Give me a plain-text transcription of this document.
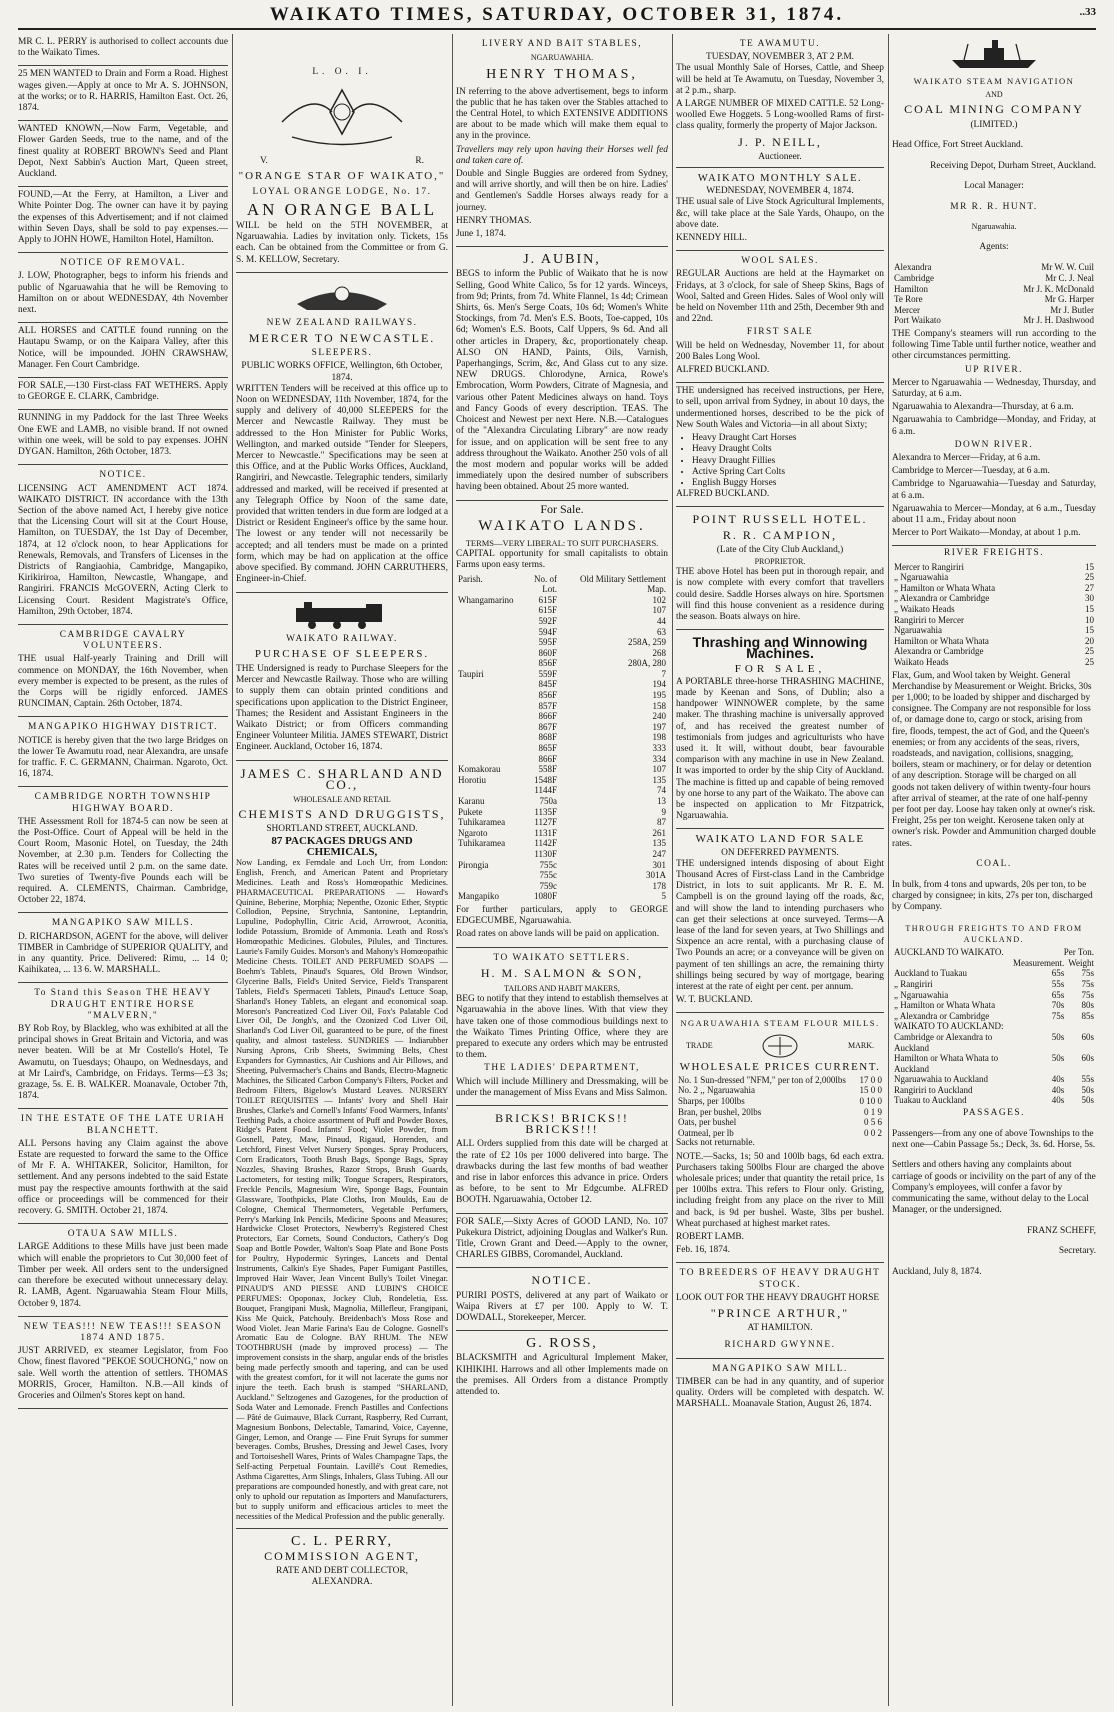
WAIKATO TIMES, SATURDAY, OCTOBER 31, 1874.	..33

MR C. L. PERRY is authorised to collect accounts due to the Waikato Times.

25 MEN WANTED to Drain and Form a Road. Highest wages given.—Apply at once to Mr A. S. JOHNSON, at the works; or to R. HARRIS, Hamilton East. Oct. 26, 1874.

WANTED KNOWN,—Now Farm, Vegetable, and Flower Garden Seeds, true to the name, and of the finest quality at ROBERT BROWN's Seed and Plant Depot, Next Sabbin's Auction Mart, Queen street, Auckland.

FOUND,—At the Ferry, at Hamilton, a Liver and White Pointer Dog. The owner can have it by paying the expenses of this Advertisement; and if not claimed within Seven Days, shall be sold to pay expenses.—Apply to JOHN HOWE, Hamilton Hotel, Hamilton.

NOTICE OF REMOVAL.

J. LOW, Photographer, begs to inform his friends and public of Ngaruawahia that he will be Removing to Hamilton on or about WEDNESDAY, 4th November next.

ALL HORSES and CATTLE found running on the Hautapu Swamp, or on the Kaipara Valley, after this Notice, will be impounded. JOHN CRAWSHAW, Manager. Fen Court Cambridge.

FOR SALE,—130 First-class FAT WETHERS. Apply to GEORGE E. CLARK, Cambridge.

RUNNING in my Paddock for the last Three Weeks One EWE and LAMB, no visible brand. If not owned within one week, will be sold to pay expenses. JOHN DYGAN. Hamilton, 26th October, 1873.

NOTICE.

LICENSING ACT AMENDMENT ACT 1874. WAIKATO DISTRICT. IN accordance with the 13th Section of the above named Act, I hereby give notice that the Licensing Court will sit at the Court House, Hamilton, on TUESDAY, the 1st Day of December, 1874, at 12 o'clock noon, to hear Applications for Renewals, Removals, and Transfers of Licenses in the Districts of Rangiaohia, Cambridge, Mangapiko, Kirikiriroa, Hamilton, Newcastle, Whangape, and Rangiriri. FRANCIS McGOVERN, Acting Clerk to Licensing Court. Resident Magistrate's Office, Hamilton, 29th October, 1874.

CAMBRIDGE CAVALRY VOLUNTEERS.

THE usual Half-yearly Training and Drill will commence on MONDAY, the 16th November, when every member is expected to be present, as the rules of the Corps will be rigidly enforced. JAMES RUNCIMAN, Captain. 26th October, 1874.

MANGAPIKO HIGHWAY DISTRICT.

NOTICE is hereby given that the two large Bridges on the lower Te Awamutu road, near Alexandra, are unsafe for traffic. F. C. GERMANN, Chairman. Ngaroto, Oct. 16, 1874.

CAMBRIDGE NORTH TOWNSHIP HIGHWAY BOARD.

THE Assessment Roll for 1874-5 can now be seen at the Post-Office. Court of Appeal will be held in the Court Room, Masonic Hotel, on Tuesday, the 24th November, at 2.30 p.m. Tenders for Collecting the Rates will be received until 2 p.m. on the same date. Two sureties of Twenty-five Pounds each will be required. A. CLEMENTS, Chairman. Cambridge, October 22, 1874.

MANGAPIKO SAW MILLS.

D. RICHARDSON, AGENT for the above, will deliver TIMBER in Cambridge of SUPERIOR QUALITY, and in any quantity. Price. Delivered: Rimu, ... 14 0; Kaihikatea, ... 13 6. W. MARSHALL.

To Stand this Season THE HEAVY DRAUGHT ENTIRE HORSE "MALVERN,"

BY Rob Roy, by Blackleg, who was exhibited at all the principal shows in Great Britain and Victoria, and was never beaten. Will be at Mr Costello's Hotel, Te Awamutu, on Tuesdays; Ohaupo, on Wednesdays, and at Mr Laird's, Cambridge, on Fridays. Terms—£3 3s; grazage, 5s. E. B. WALKER. Moanavale, October 7th, 1874.

IN THE ESTATE OF THE LATE URIAH BLANCHETT.

ALL Persons having any Claim against the above Estate are requested to forward the same to the Office of Mr F. A. WHITAKER, Solicitor, Hamilton, for settlement. And any persons indebted to the said Estate must pay the respective amounts forthwith at the said office or proceedings will be commenced for their recovery. G. SMITH. October 21, 1874.

OTAUA SAW MILLS.

LARGE Additions to these Mills have just been made which will enable the proprietors to Cut 30,000 feet of Timber per week. All orders sent to the undersigned can therefore be executed without unnecessary delay. R. LAMB, Agent. Ngaruawahia Steam Flour Mills, October 9, 1874.

NEW TEAS!!! NEW TEAS!!! SEASON 1874 AND 1875.

JUST ARRIVED, ex steamer Legislator, from Foo Chow, finest flavored "PEKOE SOUCHONG," now on sale. Well worth the attention of settlers. THOMAS MORRIS, Grocer, Hamilton. N.B.—All kinds of Groceries and Oilmen's Stores kept on hand.

L. O. I.
V.	R.
"ORANGE STAR OF WAIKATO,"
LOYAL ORANGE LODGE, No. 17.
AN ORANGE BALL

WILL be held on the 5TH NOVEMBER, at Ngaruawahia. Ladies by invitation only. Tickets, 15s each. Can be obtained from the Committee or from G. S. M. KELLOW, Secretary.

NEW ZEALAND RAILWAYS.
MERCER TO NEWCASTLE.
SLEEPERS.
PUBLIC WORKS OFFICE, Wellington, 6th October, 1874.

WRITTEN Tenders will be received at this office up to Noon on WEDNESDAY, 11th November, 1874, for the supply and delivery of 40,000 SLEEPERS for the Mercer and Newcastle Railway. They must be addressed to the Hon Minister for Public Works, Wellington, and marked outside "Tender for Sleepers, Mercer to Newcastle." Specifications may be seen at this Office, and at the Public Works Offices, Auckland, Rangiriri, and Newcastle. Telegraphic tenders, similarly addressed and marked, will be received if presented at any Telegraph Office by Noon of the same date, provided that written tenders in due form are lodged at a District or Resident Engineer's office by the same hour. The lowest or any tender will not necessarily be accepted; and all tenders must be made on a printed form, which may be had on application at the office above specified. By command. JOHN CARRUTHERS, Engineer-in-Chief.

WAIKATO RAILWAY.
PURCHASE OF SLEEPERS.

THE Undersigned is ready to Purchase Sleepers for the Mercer and Newcastle Railway. Those who are willing to supply them can obtain printed conditions and specifications upon application to the District Engineer, Thames; the Resident and Assistant Engineers in the Waikato District; or from Officers commanding Engineer Volunteer Militia. JAMES STEWART, District Engineer. Auckland, October 16, 1874.

JAMES C. SHARLAND AND CO.,
WHOLESALE AND RETAIL
CHEMISTS AND DRUGGISTS,
SHORTLAND STREET, AUCKLAND.
87 PACKAGES DRUGS AND CHEMICALS,

Now Landing, ex Ferndale and Loch Urr, from London: English, French, and American Patent and Proprietary Medicines. Leath and Ross's Homœopathic Medicines. PHARMACEUTICAL PREPARATIONS — Howard's Quinine, Beberine, Morphia; Nepenthe, Ozonic Ether, Styptic Collodion, Pepsine, Strychnia, Santonine, Leptandrin, Lupuline, Podophyllin, Citric Acid, Arrowroot, Aconitia, Iodide Potassium, Bromide of Ammonia. Leath and Ross's Homœopathic Medicines. Globules, Pilules, and Tinctures. Laurie's Family Guides. Morson's and Mahony's Homœopathic Medicine Chests. TOILET AND PERFUMED SOAPS — Boehm's Tablets, Pinaud's Squares, Old Brown Windsor, Glycerine Balls, Field's United Service, Field's Transparent Tablets, Field's Spermaceti Tablets, Pinaud's Lettuce Soap, Sharland's Honey Tablets, an elegant and economical soap. Moreson's Pancreatized Cod Liver Oil, Fox's Palatable Cod Liver Oil, De Jongh's, and the Ozonized Cod Liver Oil, Sharland's Cod Liver Oil, guaranteed to be pure, of the finest quality, and almost tasteless. SUNDRIES — Indiarubber Nursing Aprons, Crib Sheets, Swimming Belts, Chest Expanders for Gymnastics, Air Cushions and Air Pillows, and Sheeting, Pulvermacher's Chains and Bands, Electro-Magnetic Machines, the Silicated Carbon Company's Filters, Pocket and Bedroom Filters, Bigelow's Mustard Leaves. NURSERY TOILET REQUISITES — Infants' Ivory and Shell Hair Brushes, Clarke's and Cornell's Infants' Food Warmers, Infants' Teething Pads, a choice assortment of Puff and Powder Boxes, Ridge's Patent Food. Infants' Food; Violet Powder, from Gosnell, Patey, Maw, Pinaud, Rigaud, Horenden, and Letchford, Finest Velvet Nursery Sponges. Spray Producers, Corn Eradicators, Tooth Brush Bags, Sponge Bags, Spray Nozzles, Shaving Brushes, Razor Strops, Brush Guards, Lactometers, for testing milk; Tongue Scrapers, Respirators, Freckle Pencils, Magnesium Wire, Sponge Bags, Fountain Glassware, Toothpicks, Plate Cloths, Iron Moulds, Eau de Cologne, Chemical Thermometers, Vegetable Perfumers, Perry's Marking Ink Pencils, Medicine Spoons and Measures; Hardwicke Closet Protectors, Newberry's Registered Chest Protectors, Ear Cornets, Sound Conductors, Cathery's Dog Soap and Bottle Powder, Walton's Soap Plate and Bone Posts for Poultry, Hypodermic Syringes, Lancets and Dental Instruments, Calkin's Eye Shades, Paper Fumigant Pastilles, Improved Hair Waver, Jean Vincent Bully's Toilet Vinegar. PINAUD'S AND PIESSE AND LUBIN'S CHOICE PERFUMES: Opoponax, Jockey Club, Rondeletia, Ess. Bouquet, Frangipani Musk, Magnolia, Millefleur, Frangipani, Kiss Me Quick, Patchouly. Breidenbach's Moss Rose and Wood Violet. Jean Marie Farina's Eau de Cologne. Gosnell's Aromatic Eau de Cologne. BAY RHUM. The NEW TOOTHBRUSH (made by improved process) — The improvement consists in the sharp, angular ends of the bristles being made perfectly smooth and tapering, and can be used with the greatest comfort, for it will not lacerate the gums nor injure the teeth. Each brush is stamped "SHARLAND, Auckland." Seltzogenes and Gazogenes, for the production of Soda Water and Lemonade. French Pastilles and Confections — Pâté de Guimauve, Black Currant, Raspberry, Red Currant, Magnesium Bonbons, Delectable, Tamarind, Voice, Cayenne, Ginger, Lemon, and Orange — Fine Fruit Syrups for summer beverages. Combs, Brushes, Dressing and Jewel Cases, Ivory and Tortoiseshell Wares, Prints of Wales Champagne Taps, the Self-acting Perpetual Fountain. Lavillé's Cout Remedies, Asthma Cigarettes, Arm Slings, Inhalers, Glass Tubing. All our preparations are compounded honestly, and with great care, not only to uphold our reputation as Importers and Manufacturers, but to supply uniform and efficacious articles to meet the necessities of the Medical Profession and the public generally.

C. L. PERRY,
COMMISSION AGENT,
RATE AND DEBT COLLECTOR,
ALEXANDRA.
LIVERY AND BAIT STABLES,
NGARUAWAHIA.
HENRY THOMAS,

IN referring to the above advertisement, begs to inform the public that he has taken over the Stables attached to the Central Hotel, to which EXTENSIVE ADDITIONS are about to be made which will make them equal to any in the province.

Travellers may rely upon having their Horses well fed and taken care of.

Double and Single Buggies are ordered from Sydney, and will arrive shortly, and will then be on hire. Ladies' and Gentlemen's Saddle Horses always ready for a journey.

HENRY THOMAS.

June 1, 1874.

J. AUBIN,

BEGS to inform the Public of Waikato that he is now Selling, Good White Calico, 5s for 12 yards. Winceys, from 9d; Prints, from 7d. White Flannel, 1s 4d; Crimean Shirts, 6s. Men's Serge Coats, 10s 6d; Women's White Stockings, from 7d. Men's E.S. Boots, Toe-capped, 10s 6d; Women's E.S. Boots, Calf Uppers, 9s 6d. And all other articles in Drapery, &c, proportionately cheap. ALSO ON HAND, Paints, Oils, Varnish, Paperhangings, Scrim, &c, And Glass cut to any size. NEW DRUGS. Chlorodyne, Arnica, Rowe's Embrocation, Worm Powders, Citrate of Magnesia, and various other Patent Medicines always on hand. Toys and Fancy Goods of every description. TEAS. The Choicest and Newest per next Here. N.B.—Catalogues of the "Alexandra Circulating Library" are now ready for issue, and on application will be sent free to any address throughout the Waikato. Another 250 vols of all the most modern and popular works will be added immediately upon the desired number of subscribers having been obtained. About 25 more wanted.

For Sale.
WAIKATO LANDS.
TERMS—VERY LIBERAL: TO SUIT PURCHASERS.

CAPITAL opportunity for small capitalists to obtain Farms upon easy terms.

Parish.	No. of Lot.	Old Military Settlement Map.
Whangamarino	615F	102
	615F	107
	592F	44
	594F	63
	595F	258A, 259
	860F	268
	856F	280A, 280
Taupiri	559F	7
	845F	194
	856F	195
	857F	158
	866F	240
	867F	197
	868F	198
	865F	333
	866F	334
Komakorau	558F	107
Horotiu	1548F	135
	1144F	74
Karanu	750a	13
Pukete	1135F	9
Tuhikaramea	1127F	87
Ngaroto	1131F	261
Tuhikaramea	1142F	135
	1130F	247
Pirongia	755c	301
	755c	301A
	759c	178
Mangapiko	1080F	5

For further particulars, apply to GEORGE EDGECUMBE, Ngaruawahia.

Road rates on above lands will be paid on application.

TO WAIKATO SETTLERS.
H. M. SALMON & SON,
TAILORS AND HABIT MAKERS,

BEG to notify that they intend to establish themselves at Ngaruawahia in the above lines. With that view they have taken one of those commodious buildings next to the Waikato Times Printing Office, where they are prepared to execute any orders which may be entrusted to them.

THE LADIES' DEPARTMENT,

Which will include Millinery and Dressmaking, will be under the management of Miss Evans and Miss Salmon.

BRICKS! BRICKS!! BRICKS!!!

ALL Orders supplied from this date will be charged at the rate of £2 10s per 1000 delivered into barge. The drawbacks during the last few months of bad weather and rise in labor enforces this advance in price. Orders as before, to be sent to Mr Edgcumbe. ALFRED BOOTH. Ngaruawahia, October 12.

FOR SALE,—Sixty Acres of GOOD LAND, No. 107 Pukekura District, adjoining Douglas and Walker's Run. Title, Crown Grant and Deed.—Apply to the owner, CHARLES GIBBS, Coromandel, Auckland.

NOTICE.

PURIRI POSTS, delivered at any part of Waikato or Waipa Rivers at £7 per 100. Apply to W. T. DOWDALL, Storekeeper, Mercer.

G. ROSS,

BLACKSMITH and Agricultural Implement Maker, KIHIKIHI. Harrows and all other Implements made on the premises. All Orders from a distance Promptly attended to.

TE AWAMUTU.
TUESDAY, NOVEMBER 3, AT 2 P.M.

The usual Monthly Sale of Horses, Cattle, and Sheep will be held at Te Awamutu, on Tuesday, November 3, at 2 p.m., sharp.

A LARGE NUMBER OF MIXED CATTLE. 52 Long-woolled Ewe Hoggets. 5 Long-woolled Rams of first-class quality, formerly the property of Major Jackson.

J. P. NEILL,
Auctioneer.
WAIKATO MONTHLY SALE.
WEDNESDAY, NOVEMBER 4, 1874.

THE usual sale of Live Stock Agricultural Implements, &c, will take place at the Sale Yards, Ohaupo, on the above date.

KENNEDY HILL.

WOOL SALES.

REGULAR Auctions are held at the Haymarket on Fridays, at 3 o'clock, for sale of Sheep Skins, Bags of Wool, Salted and Green Hides. Sales of Wool only will be held on November 11th and 25th, December 9th and and 22nd.

FIRST SALE

Will be held on Wednesday, November 11, for about 200 Bales Long Wool.

ALFRED BUCKLAND.

THE undersigned has received instructions, per Here, to sell, upon arrival from Sydney, in about 10 days, the undermentioned horses, described to be the pick of New South Wales and Victoria—in all about Sixty;

• Heavy Draught Cart Horses
• Heavy Draught Colts
• Heavy Draught Fillies
• Active Spring Cart Colts
• English Buggy Horses

ALFRED BUCKLAND.

POINT RUSSELL HOTEL.
R. R. CAMPION,
(Late of the City Club Auckland,)
PROPRIETOR.

THE above Hotel has been put in thorough repair, and is now complete with every comfort that travellers could desire. Saddle Horses always on hire. Sportsmen will find this house convenient as a residence during the season. Boats always on hire.

Thrashing and Winnowing Machines.
FOR SALE,

A PORTABLE three-horse THRASHING MACHINE, made by Keenan and Sons, of Dublin; also a handpower WINNOWER complete, by the same maker. The thrashing machine is universally approved of, and has received the greatest number of testimonials from judges and agriculturists who have used it. It will, without doubt, bear favourable comparison with any machine in use in New Zealand. It was imported to order by the ship City of Auckland. The machine is fitted up and capable of being removed by one horse to any part of the Waikato. The above can be inspected on application to Mr Fitzpatrick, Ngaruawahia.

WAIKATO LAND FOR SALE
ON DEFERRED PAYMENTS.

THE undersigned intends disposing of about Eight Thousand Acres of First-class Land in the Cambridge District, in lots to suit applicants. Mr R. E. M. Campbell is on the ground laying off the roads, &c, and will show the land to intending purchasers who can get their selections at once surveyed. Terms—A lease of the land for seven years, at Two Shillings and Sixpence an acre rental, with a purchasing clause of Two Pounds an acre; or a conveyance will be given on payment of ten shillings an acre, the remaining thirty shillings being secured by way of mortgage, bearing interest at the rate of eight per cent. per annum.

W. T. BUCKLAND.

NGARUAWAHIA STEAM FLOUR MILLS.
TRADE	MARK.
WHOLESALE PRICES CURRENT.
No. 1 Sun-dressed "NFM," per ton of 2,000lbs	17 0 0
No. 2 ,, Ngaruawahia	15 0 0
Sharps, per 100lbs	0 10 0
Bran, per bushel, 20lbs	0 1 9
Oats, per bushel	0 5 6
Oatmeal, per lb	0 0 2

Sacks not returnable.

NOTE.—Sacks, 1s; 50 and 100lb bags, 6d each extra. Purchasers taking 500lbs Flour are charged the above wholesale prices; under that quantity the retail price, 1s per 100lbs extra. This refers to Flour only. Gristing, including freight from any place on the river to Mill and back, is 9d per bushel. Waste, 3lbs per bushel. Wheat purchased at highest market rates.

ROBERT LAMB.

Feb. 16, 1874.

TO BREEDERS OF HEAVY DRAUGHT STOCK.

LOOK OUT FOR THE HEAVY DRAUGHT HORSE

"PRINCE ARTHUR,"
AT HAMILTON.
RICHARD GWYNNE.
MANGAPIKO SAW MILL.

TIMBER can be had in any quantity, and of superior quality. Orders will be completed with despatch. W. MARSHALL. Moanavale Station, August 26, 1874.

WAIKATO STEAM NAVIGATION
AND
COAL MINING COMPANY
(LIMITED.)

Head Office, Fort Street Auckland.

Receiving Depot, Durham Street, Auckland.

Local Manager:

MR R. R. HUNT.

Ngaruawahia.

Agents:

Alexandra	Mr W. W. Cuil
Cambridge	Mr C. J. Neal
Hamilton	Mr J. K. McDonald
Te Rore	Mr G. Harper
Mercer	Mr J. Butler
Port Waikato	Mr J. H. Dashwood

THE Company's steamers will run according to the following Time Table until further notice, weather and other circumstances permitting.

UP RIVER.

Mercer to Ngaruawahia — Wednesday, Thursday, and Saturday, at 6 a.m.

Ngaruawahia to Alexandra—Thursday, at 6 a.m.

Ngaruawahia to Cambridge—Monday, and Friday, at 6 a.m.

DOWN RIVER.

Alexandra to Mercer—Friday, at 6 a.m.

Cambridge to Mercer—Tuesday, at 6 a.m.

Cambridge to Ngaruawahia—Tuesday and Saturday, at 6 a.m.

Ngaruawahia to Mercer—Monday, at 6 a.m., Tuesday about 11 a.m., Friday about noon

Mercer to Port Waikato—Monday, at about 1 p.m.

RIVER FREIGHTS.
Mercer to Rangiriri	15
„ Ngaruawahia	25
„ Hamilton or Whata Whata	27
„ Alexandra or Cambridge	30
„ Waikato Heads	15
Rangiriri to Mercer	10
Ngaruawahia	15
Hamilton or Whata Whata	20
Alexandra or Cambridge	25
Waikato Heads	25

Flax, Gum, and Wool taken by Weight. General Merchandise by Measurement or Weight. Bricks, 30s per 1,000; to be loaded by shipper and discharged by consignee. The Company are not responsible for loss of, or damage done to, cargo or stock, arising from fire, floods, tempest, the act of God, and the Queen's enemies; or from any accidents of the seas, rivers, roadsteads, and navigation, collisions, snagging, boilers, steam or machinery, or for delay or detention of any description. Storage will be charged on all goods not taken delivery of within twenty-four hours after arrival of steamer, at the rate of one half-penny per foot per day. Loose hay taken only at owner's risk. Freight, 25s per ton weight. Kerosene taken only at owner's risk. Powder and Ammunition charged double rates.

COAL.

In bulk, from 4 tons and upwards, 20s per ton, to be charged by consignee; in kits, 27s per ton, discharged by Company.

THROUGH FREIGHTS TO AND FROM AUCKLAND.
AUCKLAND TO WAIKATO.	Per Ton.	
	Measurement.	Weight
Auckland to Tuakau	65s	75s
„ Rangiriri	55s	75s
„ Ngaruawahia	65s	75s
„ Hamilton or Whata Whata	70s	80s
„ Alexandra or Cambridge	75s	85s
WAIKATO TO AUCKLAND:		
Cambridge or Alexandra to Auckland	50s	60s
Hamilton or Whata Whata to Auckland	50s	60s
Ngaruawahia to Auckland	40s	55s
Rangiriri to Auckland	40s	50s
Tuakau to Auckland	40s	50s
PASSAGES.

Passengers—from any one of above Townships to the next one—Cabin Passage 5s.; Deck, 3s. 6d. Horse, 5s.

Settlers and others having any complaints about carriage of goods or incivility on the part of any of the Company's employees, will confer a favor by communicating the same, without delay to the Local Manager, or the undersigned.

FRANZ SCHEFF,

Secretary.

Auckland, July 8, 1874.
